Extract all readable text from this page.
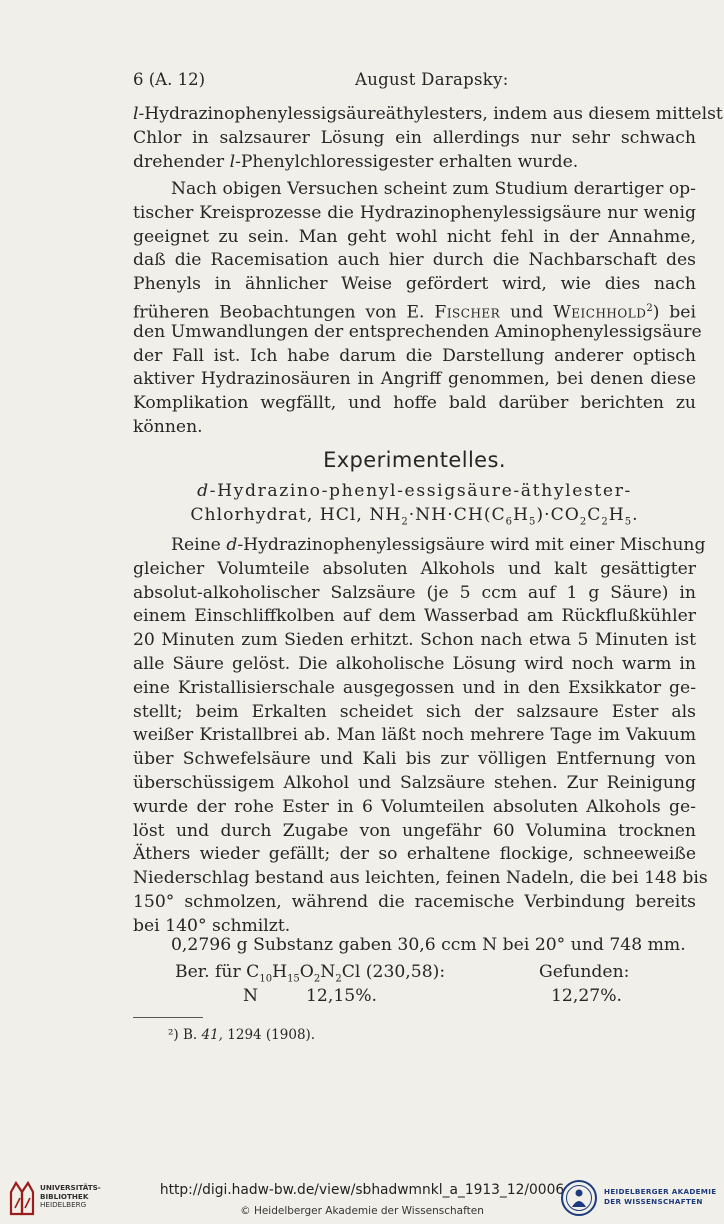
6 (A. 12)	August Darapsky:
l-Hydrazinophenylessigsäureäthylesters, indem aus diesem mittelst
Chlor in salzsaurer Lösung ein allerdings nur sehr schwach
drehender l-Phenylchloressigester erhalten wurde.
Nach obigen Versuchen scheint zum Studium derartiger op-
tischer Kreisprozesse die Hydrazinophenylessigsäure nur wenig
geeignet zu sein. Man geht wohl nicht fehl in der Annahme,
daß die Racemisation auch hier durch die Nachbarschaft des
Phenyls in ähnlicher Weise gefördert wird, wie dies nach
früheren Beobachtungen von E. Fischer und Weichhold$^2$) bei
den Umwandlungen der entsprechenden Aminophenylessigsäure
der Fall ist. Ich habe darum die Darstellung anderer optisch
aktiver Hydrazinosäuren in Angriff genommen, bei denen diese
Komplikation wegfällt, und hoffe bald darüber berichten zu
können.
Experimentelles.
d-Hydrazino-phenyl-essigsäure-äthylester-
Chlorhydrat, HCl, $NH_2\cdot NH\cdot CH(C_6H_5)\cdot CO_2C_2H_5$.
Reine d-Hydrazinophenylessigsäure wird mit einer Mischung
gleicher Volumteile absoluten Alkohols und kalt gesättigter
absolut-alkoholischer Salzsäure (je 5 ccm auf 1 g Säure) in
einem Einschliffkolben auf dem Wasserbad am Rückflußkühler
20 Minuten zum Sieden erhitzt. Schon nach etwa 5 Minuten ist
alle Säure gelöst. Die alkoholische Lösung wird noch warm in
eine Kristallisierschale ausgegossen und in den Exsikkator ge-
stellt; beim Erkalten scheidet sich der salzsaure Ester als
weißer Kristallbrei ab. Man läßt noch mehrere Tage im Vakuum
über Schwefelsäure und Kali bis zur völligen Entfernung von
überschüssigem Alkohol und Salzsäure stehen. Zur Reinigung
wurde der rohe Ester in 6 Volumteilen absoluten Alkohols ge-
löst und durch Zugabe von ungefähr 60 Volumina trocknen
Äthers wieder gefällt; der so erhaltene flockige, schneeweiße
Niederschlag bestand aus leichten, feinen Nadeln, die bei 148 bis
150° schmolzen, während die racemische Verbindung bereits
bei 140° schmilzt.
0,2796 g Substanz gaben 30,6 ccm N bei 20° und 748 mm.
Ber. für $C_{10}H_{15}O_2N_2Cl$ (230,58):	Gefunden:
N	12,15%.	12,27%.
²) B. 41, 1294 (1908).
UNIVERSITÄTS-
BIBLIOTHEK
HEIDELBERG
http://digi.hadw-bw.de/view/sbhadwmnkl_a_1913_12/0006
© Heidelberger Akademie der Wissenschaften
HEIDELBERGER AKADEMIE
DER WISSENSCHAFTEN
